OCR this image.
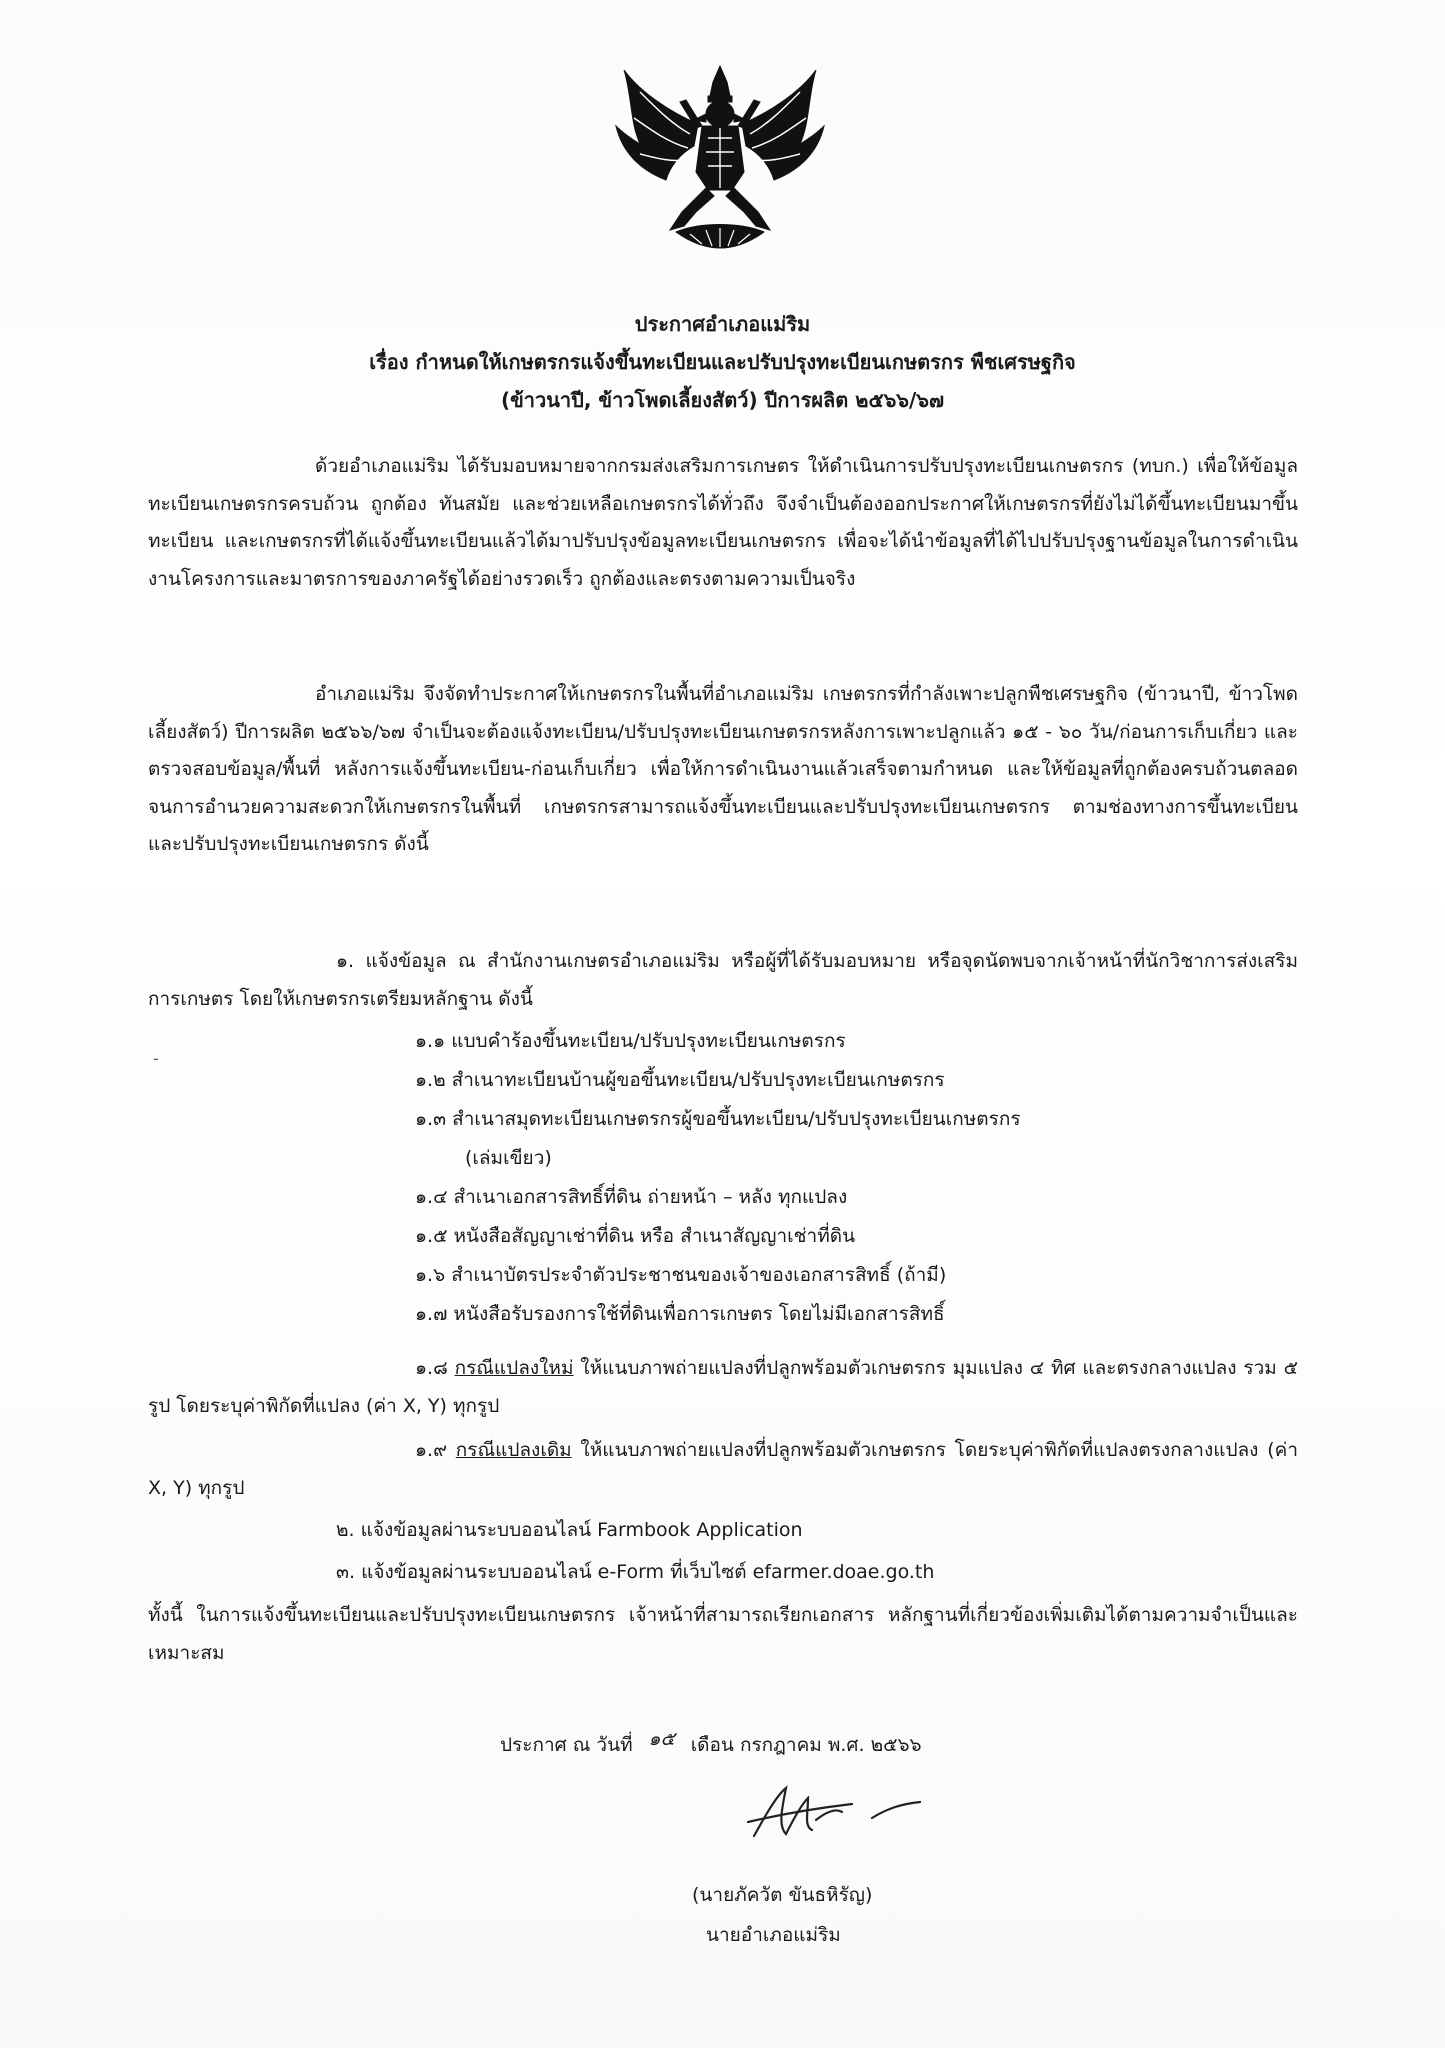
ประกาศอำเภอแม่ริม
เรื่อง กำหนดให้เกษตรกรแจ้งขึ้นทะเบียนและปรับปรุงทะเบียนเกษตรกร พืชเศรษฐกิจ
(ข้าวนาปี, ข้าวโพดเลี้ยงสัตว์) ปีการผลิต ๒๕๖๖/๖๗
ด้วยอำเภอแม่ริม ได้รับมอบหมายจากกรมส่งเสริมการเกษตร ให้ดำเนินการปรับปรุงทะเบียนเกษตรกร (ทบก.) เพื่อให้ข้อมูลทะเบียนเกษตรกรครบถ้วน ถูกต้อง ทันสมัย และช่วยเหลือเกษตรกรได้ทั่วถึง จึงจำเป็นต้องออกประกาศให้เกษตรกรที่ยังไม่ได้ขึ้นทะเบียนมาขึ้นทะเบียน และเกษตรกรที่ได้แจ้งขึ้นทะเบียนแล้วได้มาปรับปรุงข้อมูลทะเบียนเกษตรกร เพื่อจะได้นำข้อมูลที่ได้ไปปรับปรุงฐานข้อมูลในการดำเนินงานโครงการและมาตรการของภาครัฐได้อย่างรวดเร็ว ถูกต้องและตรงตามความเป็นจริง
อำเภอแม่ริม จึงจัดทำประกาศให้เกษตรกรในพื้นที่อำเภอแม่ริม เกษตรกรที่กำลังเพาะปลูกพืชเศรษฐกิจ (ข้าวนาปี, ข้าวโพดเลี้ยงสัตว์) ปีการผลิต ๒๕๖๖/๖๗ จำเป็นจะต้องแจ้งทะเบียน/ปรับปรุงทะเบียนเกษตรกรหลังการเพาะปลูกแล้ว ๑๕ - ๖๐ วัน/ก่อนการเก็บเกี่ยว และตรวจสอบข้อมูล/พื้นที่ หลังการแจ้งขึ้นทะเบียน-ก่อนเก็บเกี่ยว เพื่อให้การดำเนินงานแล้วเสร็จตามกำหนด และให้ข้อมูลที่ถูกต้องครบถ้วนตลอดจนการอำนวยความสะดวกให้เกษตรกรในพื้นที่ เกษตรกรสามารถแจ้งขึ้นทะเบียนและปรับปรุงทะเบียนเกษตรกร ตามช่องทางการขึ้นทะเบียนและปรับปรุงทะเบียนเกษตรกร ดังนี้
๑. แจ้งข้อมูล ณ สำนักงานเกษตรอำเภอแม่ริม หรือผู้ที่ได้รับมอบหมาย หรือจุดนัดพบจากเจ้าหน้าที่นักวิชาการส่งเสริมการเกษตร โดยให้เกษตรกรเตรียมหลักฐาน ดังนี้
-
๑.๑ แบบคำร้องขึ้นทะเบียน/ปรับปรุงทะเบียนเกษตรกร
๑.๒ สำเนาทะเบียนบ้านผู้ขอขึ้นทะเบียน/ปรับปรุงทะเบียนเกษตรกร
๑.๓ สำเนาสมุดทะเบียนเกษตรกรผู้ขอขึ้นทะเบียน/ปรับปรุงทะเบียนเกษตรกร
(เล่มเขียว)
๑.๔ สำเนาเอกสารสิทธิ์ที่ดิน ถ่ายหน้า – หลัง ทุกแปลง
๑.๕ หนังสือสัญญาเช่าที่ดิน หรือ สำเนาสัญญาเช่าที่ดิน
๑.๖ สำเนาบัตรประจำตัวประชาชนของเจ้าของเอกสารสิทธิ์ (ถ้ามี)
๑.๗ หนังสือรับรองการใช้ที่ดินเพื่อการเกษตร โดยไม่มีเอกสารสิทธิ์
๑.๘ กรณีแปลงใหม่ ให้แนบภาพถ่ายแปลงที่ปลูกพร้อมตัวเกษตรกร มุมแปลง ๔ ทิศ และตรงกลางแปลง รวม ๕ รูป โดยระบุค่าพิกัดที่แปลง (ค่า X, Y) ทุกรูป
๑.๙ กรณีแปลงเดิม ให้แนบภาพถ่ายแปลงที่ปลูกพร้อมตัวเกษตรกร โดยระบุค่าพิกัดที่แปลงตรงกลางแปลง (ค่า X, Y) ทุกรูป
๒. แจ้งข้อมูลผ่านระบบออนไลน์ Farmbook Application
๓. แจ้งข้อมูลผ่านระบบออนไลน์ e-Form ที่เว็บไซต์ efarmer.doae.go.th
ทั้งนี้ ในการแจ้งขึ้นทะเบียนและปรับปรุงทะเบียนเกษตรกร เจ้าหน้าที่สามารถเรียกเอกสาร หลักฐานที่เกี่ยวข้องเพิ่มเติมได้ตามความจำเป็นและเหมาะสม
ประกาศ ณ วันที่ ๑๕ เดือน กรกฎาคม พ.ศ. ๒๕๖๖
(นายภัควัต ขันธหิรัญ)
นายอำเภอแม่ริม
